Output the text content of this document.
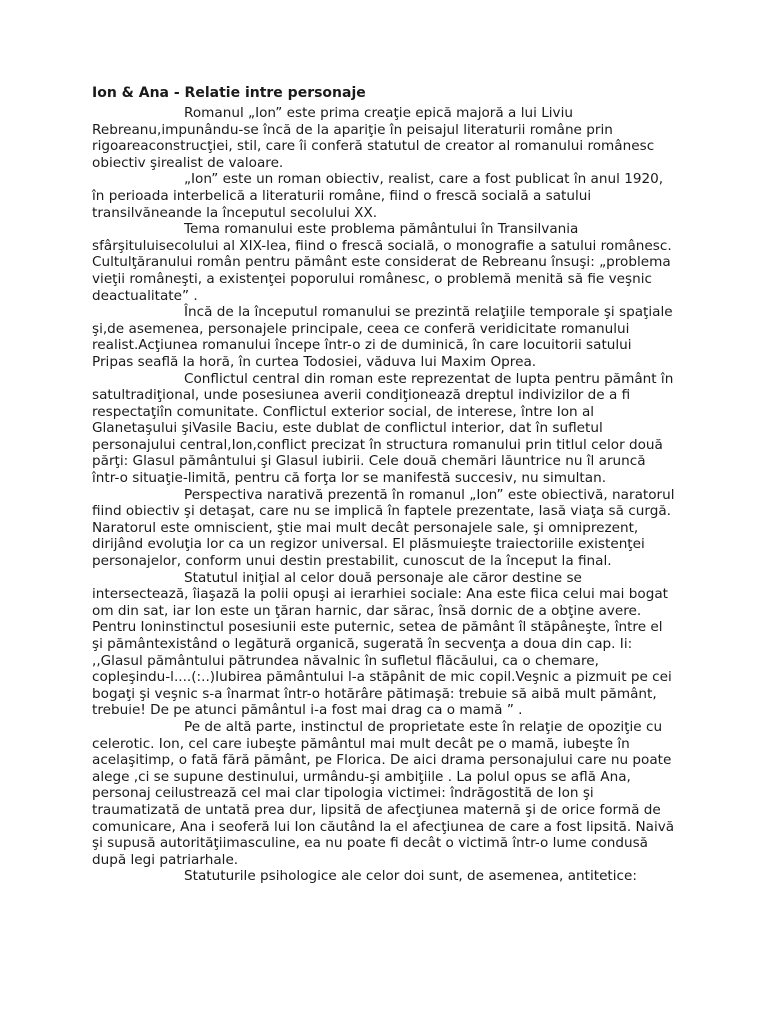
Ion & Ana - Relatie intre personaje

Romanul „Ion” este prima creaţie epică majoră a lui Liviu Rebreanu,impunându-se încă de la apariţie în peisajul literaturii române prin rigoareaconstrucţiei, stil, care îi conferă statutul de creator al romanului românesc obiectiv şirealist de valoare.

„Ion” este un roman obiectiv, realist, care a fost publicat în anul 1920, în perioada interbelică a literaturii române, fiind o frescă socială a satului transilvăneande la începutul secolului XX.

Tema romanului este problema pământului în Transilvania sfârşituluisecolului al XIX-lea, fiind o frescă socială, o monografie a satului românesc. Cultulţăranului român pentru pământ este considerat de Rebreanu însuşi: „problema vieţii româneşti, a existenţei poporului românesc, o problemă menită să fie veşnic deactualitate” .

Încă de la începutul romanului se prezintă relaţiile temporale şi spaţiale şi,de asemenea, personajele principale, ceea ce conferă veridicitate romanului realist.Acţiunea romanului începe într-o zi de duminică, în care locuitorii satului Pripas seaflă la horă, în curtea Todosiei, văduva lui Maxim Oprea.

Conflictul central din roman este reprezentat de lupta pentru pământ în satultradiţional, unde posesiunea averii condiţionează dreptul indivizilor de a fi respectaţiîn comunitate. Conflictul exterior social, de interese, între Ion al Glanetaşului şiVasile Baciu, este dublat de conflictul interior, dat în sufletul personajului central,Ion,conflict precizat în structura romanului prin titlul celor două părţi: Glasul pământului şi Glasul iubirii. Cele două chemări lăuntrice nu îl aruncă într-o situaţie-limită, pentru că forţa lor se manifestă succesiv, nu simultan.

Perspectiva narativă prezentă în romanul „Ion” este obiectivă, naratorul fiind obiectiv şi detaşat, care nu se implică în faptele prezentate, lasă viaţa să curgă. Naratorul este omniscient, ştie mai mult decât personajele sale, şi omnіprezent, dirijând evoluţia lor ca un regizor universal. El plăsmuieşte traiectoriile existenţei personajelor, conform unui destin prestabilit, cunoscut de la început la final.

Statutul iniţial al celor două personaje ale căror destine se intersectează, îiaşază la polii opuşi ai ierarhiei sociale: Ana este fiica celui mai bogat om din sat, iar Ion este un ţăran harnic, dar sărac, însă dornic de a obţine avere. Pentru Ioninstinctul posesiunii este puternic, setea de pământ îl stăpâneşte, între el şi pământexistând o legătură organică, sugerată în secvenţa a doua din cap. Ii: ,,Glasul pământului pătrundea năvalnic în sufletul flăcăului, ca o chemare, copleşindu-l....(:..)Iubirea pământului l-a stăpânit de mic copil.Veşnic a pizmuit pe cei bogaţi şi veşnic s-a înarmat într-o hotărâre pătimaşă: trebuie să aibă mult pământ, trebuie! De pe atunci pământul i-a fost mai drag ca o mamă ” .

Pe de altă parte, instinctul de proprietate este în relaţie de opoziţie cu celerotic. Ion, cel care iubeşte pământul mai mult decât pe o mamă, iubeşte în acelaşitimp, o fată fără pământ, pe Florica. De aici drama personajului care nu poate alege ,ci se supune destinului, urmându-şi ambiţiile . La polul opus se află Ana, personaj ceilustrează cel mai clar tipologia victimei: îndrăgostită de Ion şi traumatizată de untată prea dur, lipsită de afecţiunea maternă şi de orice formă de comunicare, Ana i seoferă lui Ion căutând la el afecţiunea de care a fost lipsită. Naivă şi supusă autorităţiimasculine, ea nu poate fi decât o victimă într-o lume condusă după legi patriarhale.

Statuturile psihologice ale celor doi sunt, de asemenea, antitetice:
